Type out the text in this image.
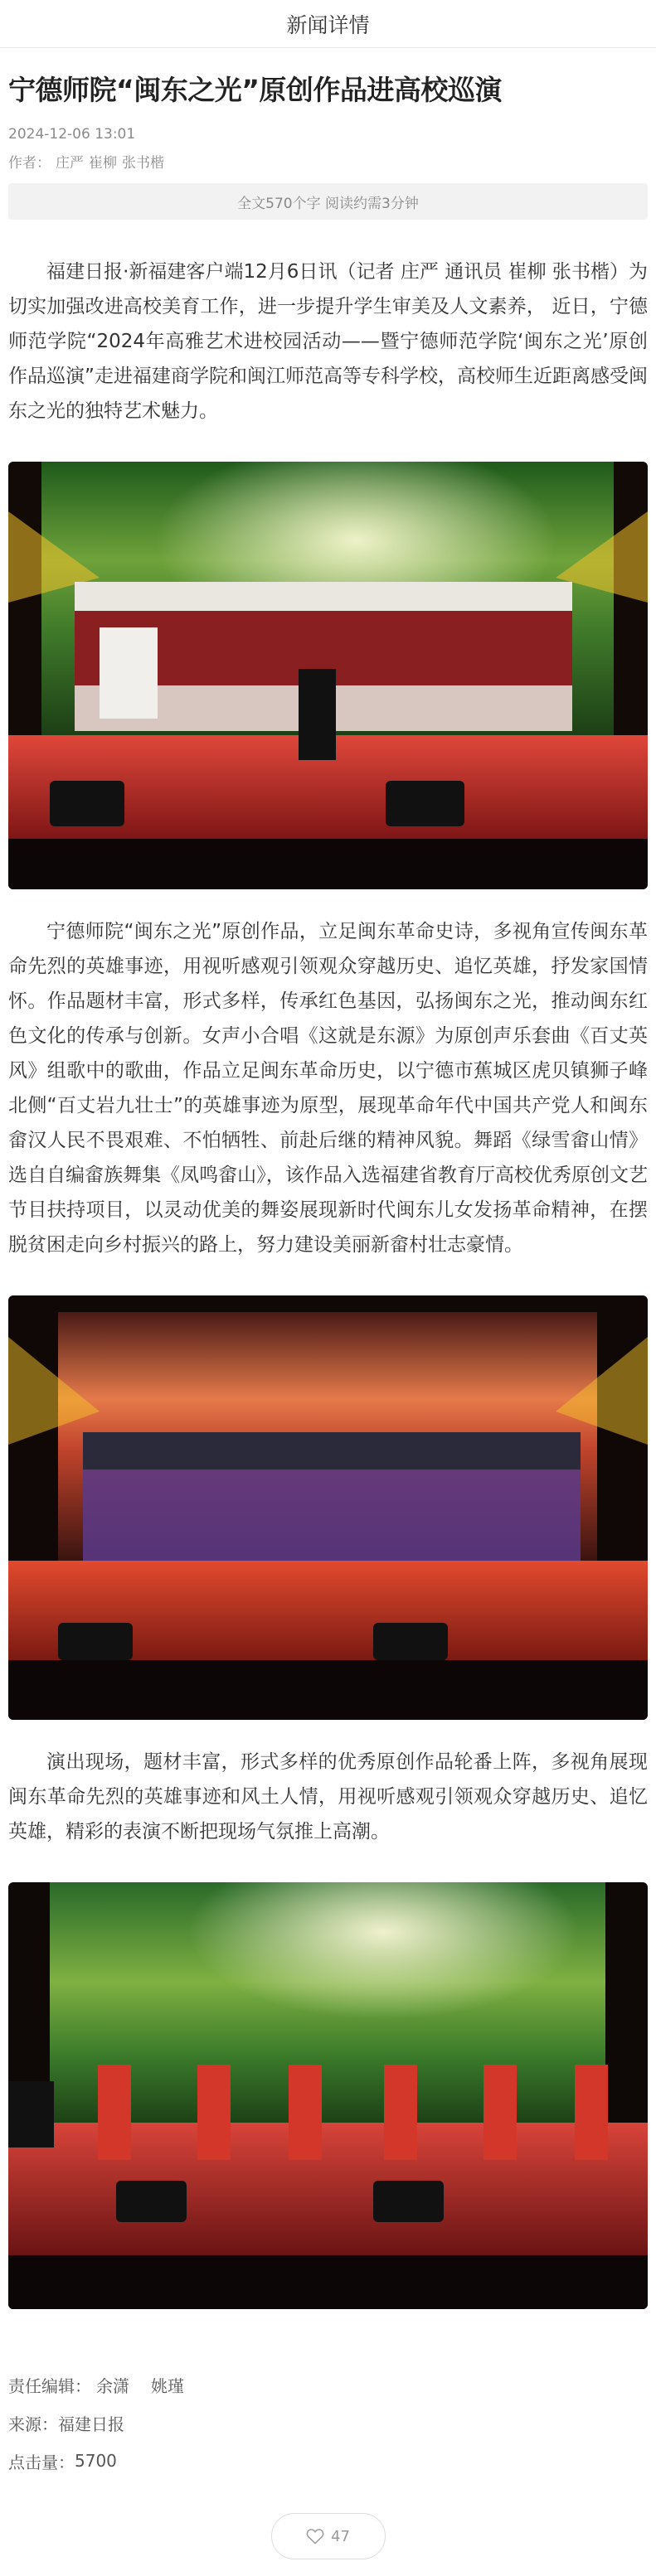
新闻详情
宁德师院“闽东之光”原创作品进高校巡演
2024-12-06 13:01
作者： 庄严 崔柳 张书楷
全文570个字 阅读约需3分钟

福建日报·新福建客户端12月6日讯（记者 庄严 通讯员 崔柳 张书楷）为切实加强改进高校美育工作，进一步提升学生审美及人文素养， 近日，宁德师范学院“2024年高雅艺术进校园活动——暨宁德师范学院‘闽东之光’原创作品巡演”走进福建商学院和闽江师范高等专科学校，高校师生近距离感受闽东之光的独特艺术魅力。

宁德师院“闽东之光”原创作品，立足闽东革命史诗，多视角宣传闽东革命先烈的英雄事迹，用视听感观引领观众穿越历史、追忆英雄，抒发家国情怀。作品题材丰富，形式多样，传承红色基因，弘扬闽东之光，推动闽东红色文化的传承与创新。女声小合唱《这就是东源》为原创声乐套曲《百丈英风》组歌中的歌曲，作品立足闽东革命历史，以宁德市蕉城区虎贝镇狮子峰北侧“百丈岩九壮士”的英雄事迹为原型，展现革命年代中国共产党人和闽东畲汉人民不畏艰难、不怕牺牲、前赴后继的精神风貌。舞蹈《绿雪畲山情》选自自编畲族舞集《凤鸣畲山》，该作品入选福建省教育厅高校优秀原创文艺节目扶持项目，以灵动优美的舞姿展现新时代闽东儿女发扬革命精神，在摆脱贫困走向乡村振兴的路上，努力建设美丽新畲村壮志豪情。

演出现场，题材丰富，形式多样的优秀原创作品轮番上阵，多视角展现闽东革命先烈的英雄事迹和风土人情，用视听感观引领观众穿越历史、追忆英雄，精彩的表演不断把现场气氛推上高潮。

责任编辑： 余潇 姚瑾
来源： 福建日报
点击量： 5700
47
